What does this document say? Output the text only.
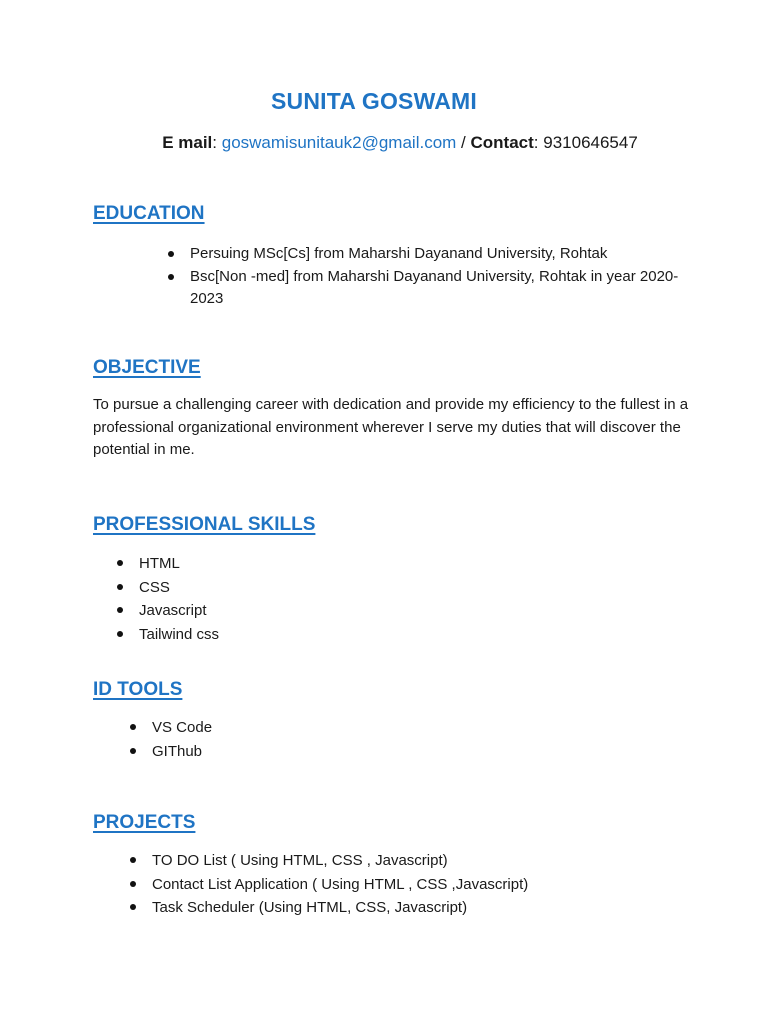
SUNITA GOSWAMI
E mail: goswamisunitauk2@gmail.com / Contact: 9310646547
EDUCATION
Persuing MSc[Cs] from Maharshi Dayanand University, Rohtak
Bsc[Non -med] from Maharshi Dayanand University, Rohtak in year 2020-2023
OBJECTIVE

To pursue a challenging career with dedication and provide my efficiency to the fullest in a professional organizational environment wherever I serve my duties that will discover the potential in me.

PROFESSIONAL SKILLS
HTML
CSS
Javascript
Tailwind css
ID TOOLS
VS Code
GIThub
PROJECTS
TO DO List ( Using HTML, CSS , Javascript)
Contact List Application ( Using HTML , CSS ,Javascript)
Task Scheduler (Using HTML, CSS, Javascript)
